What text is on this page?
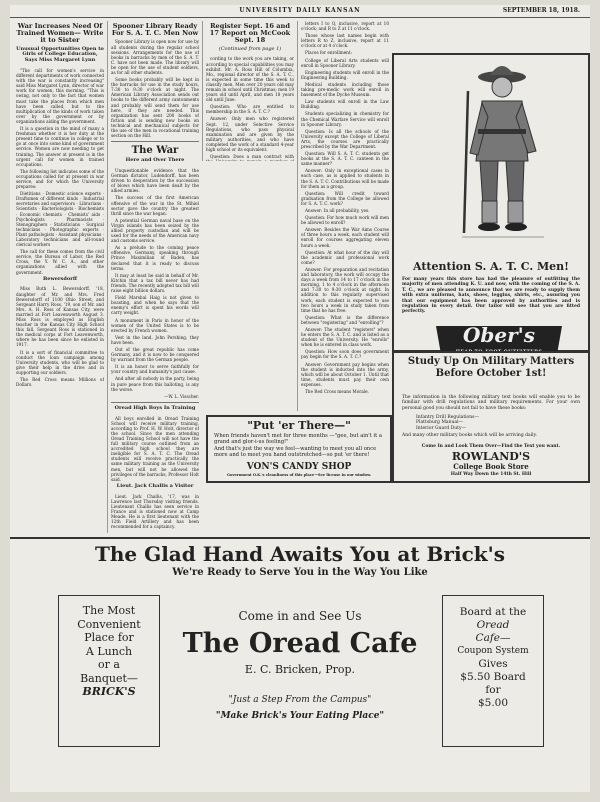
UNIVERSITY DAILY KANSAN	SEPTEMBER 18, 1918.
War Increases Need Of Trained Women— Write it to Sister
Unusual Opportunities Open to Girls of College Education, Says Miss Margaret Lynn

"The call for women's service in different departments of work connected with the war is constantly increasing" said Miss Margaret Lynn, director of war work for women, this morning. "This is owing, not only to the fact that women must take the places from which men have been called, but to the multiplication of the kinds of work taken over by the government or by organizations aiding the government.

It is a question in the mind of many a freshman whether it is her duty at the present time to continue in college or to go at once into some kind of government service. Women are now needing to get training. The answer at present is in the urgent call for women in trained occupations.

The following list indicates some of the occupations called for at present in war service, and for which the University prepares:

Dietitians · Domestic science experts · Draftsmen of different kinds · Industrial secretaries and supervisors · Librarians · Scientists · Bacteriologists · Biochemists · Economic chemists · Chemists' aids · Psychologists · Pharmacists · Stenographers · Statisticians · Surgical technicians · Photographic experts · Plant pathologists · Assistant physicians · Laboratory technicians and all-round clerical workers

The call for these comes from the civil service, the Bureau of Labor, the Red Cross, the Y. W. C. A., and other organizations allied with the government.

Bewersdorff

Miss Ruth L. Bewersdorff, '18, daughter of Mr. and Mrs. Fred Bewersdorff of 1100 Ohio Street, and Sergeant Harry Ross, '19, son of Mr. and Mrs. A. H. Ross of Kansas City, were married at Fort Leavenworth August 3. Miss Ross is employed as English teacher in the Kansas City High School this fall. Sergeant Ross is stationed in the medical corps at Fort Leavenworth, where he has been since he enlisted in 1917.

It is a sort of financial committee to conduct the loan campaign among University students, who will be glad to give their help in the drive and in supporting our soldiers.

The Red Cross means Millions of Dollars.

Spooner Library Ready For S. A. T. C. Men Now

Spooner Library is open now for use by all students during the regular school sessions. Arrangements for the use of books in barracks by men of the S. A. T. C. have not been made. The library will be open for the use of student soldiers, as for all other students.

Some books probably will be kept in the barracks for use in the study hours, 7:30 to 9:30 o'clock at night. The American Library Association sends out books to the different army cantonments and probably will send them for use here, if they are needed. This organization has sent 200 books of fiction and is sending new books on technical and mechanical subjects for the use of the men in vocational training section on the Hill.

The War
Here and Over There

Unquestionable evidence that the German dictator, Ludendorff, has been driven to desperation by the succession of blows which have been dealt by the allied armies.

The success of the first American offensive of the war in the St. Mihiel sector gave the country the greatest thrill since the war began.

A potential German naval base on the Virgin islands has been seized by the allied property custodian and will be used for the needs of the American navy and customs service.

As a prelude to the coming peace offensive, Germany, speaking through Prince Maximilian of Baden, has declared that it is ready to discuss terms.

It may at least be said in behalf of Mr. Kitchin that a tax bill never has had friends. The recently adopted tax bill will raise eight billion dollars.

Field Marshal Haig is not given to boasting, and when he says that the enemy's effort is spent his words will carry weight.

A monument in Paris in honor of the women of the United States is to be erected by French women.

Vest in the land, John Pershing, they have been.

Out of the great republic has come Germany, and it is now to be conquered by warrant from the German people.

It is an honor to serve faithfully for your country and humanity's just cause.

And after all nobody in the party, being in pure peace from this balloting, is any the worse.

—W. L. Visscher.

Oread High Boys In Training

All boys enrolled in Oread Training School will receive military training, according to Prof. H. W. Holt, director of the school. Since the men attending Oread Training School will not have the full military course outlined from an accredited high school they are ineligible for S. A. T. C. The Oread students will receive practically the same military training as the University men, but will not be allowed the privileges of the barracks, Professor Holt said.

Lieut. Jack Challis a Visitor

Lieut. Jack Challis, '17, was in Lawrence last Thursday visiting friends. Lieutenant Challis has seen service in France and is stationed now at Camp Meade. He is a first lieutenant with the 12th Field Artillery and has been recommended for a captaincy.

Register Sept. 16 and 17 Report on McCook Sept. 18
(Continued from page 1)

cording to the work you are taking, or according to special capabilities you may exhibit. Mr. A. Ross Hill of Columbia, Mo., regional director of the S. A. T. C., is expected in some time this week to classify men. Men over 20 years old may remain in school until Christmas; men 19 years old until April, and men 18 years old until June.

Question: Who are entitled to membership in the S. A. T. C.?

Answer: Only men who registered Sept. 12, under Selective Service Regulations, who pass physical examination and are given by the military authorities, and who have completed the work of a standard 4-year high school or its equivalent.

Question: Does a man contract with

letters I to Q, inclusive, report at 10 o'clock; and R to Z at 11 o'clock.

Those whose last names begin with letters R to Z, inclusive, report at 11 o'clock or at 4 o'clock.

Places for enrollment:

College of Liberal Arts students will enroll in Spooner Library.

Engineering students will enroll in the Engineering Building.

Medical students including those taking pre-medic work will enroll in basement of the Dyche Museum.

Law students will enroll in the Law Building.

Students specializing in chemistry for the Chemical Warfare Service will enroll in Spooner Library.

Question: Is all the schools of the University except the College of Liberal Arts, the courses are practically prescribed by the War Department.

Question: Will S. A. T. C. students get books at the S. A. T. C. canteen in the same manner?

Answer: Only in exceptional cases in each case, as is applied to students in the S. A. T. C. Contributions will be made for them as a group.

Question: Will credit toward graduation from the College be allowed for S. A. T. C. work?

Answer: In all probability, yes.

Question: For how much work will men be allowed to enroll?

Answer: Besides the War Aims Course of three hours a week, each student will enroll for courses aggregating eleven hours a week.

Question: At what hour of the day will the academic and professional work come?

Answer: For preparation and recitation and laboratory, the work will occupy the days a week from 14 to 17 o'clock in the morning, 1 to 4 o'clock in the afternoon and 7:30 to 9:30 o'clock at night. In addition to this regularly supervised work, each student is expected to use two hours a week in study taken from time that he has free.

Question: What is the difference between "registering" and "enrolling"?

Answer: The student "registers" when he enters the S. A. T. C. and is listed as a student of the University. He "enrolls" when he is entered in class work.

Question: How soon does government pay begin for the S. A. T. C.?

Answer: Government pay begins when the student is inducted into the army, which will be about October 1. Until that time, students must pay their own expenses.

The Red Cross means Morale.

Attention S. A. T. C. Men!
For many years this store has had the pleasure of outfitting the majority of men attending K. U. and now, with the coming of the S. A. T. C., we are pleased to announce that we are ready to supply them with extra uniforms, hats, shoes, leggins, shirts, etc., assuring you that our equipment has been approved by authorities and is regulation in every detail. Our tailor will see that you are fitted perfectly.
Ober's
Study Up On Military Matters Before October 1st!
The information in the following military text books will enable you to be familiar with drill regulations and military requirements. For your own personal good you should not fail to have these books:
Infantry Drill Regulations—
Plattsburg Manual—
Interior Guard Duty—
And many other military books which will be arriving daily.
Come In and Look Them Over—Find the Text you want.
ROWLAND'S
College Book Store
Half Way Down the 14th St. Hill
"Put 'er There—"
When friends haven't met for three months —"gee, but ain't it a grand and glor-i-us feeling!"
And that's just the way we feel—wanting to meet you all once more and to meet you hand outstretched—so put 'er there!
VON'S CANDY SHOP
Government O.K.'s cleanliness of this place—See license in our window.
The Glad Hand Awaits You at Brick's
We're Ready to Serve You in the Way You Like
The Most
Convenient
Place for
A Lunch
or a
Banquet—
BRICK'S
Come in and See Us
The Oread Cafe
E. C. Bricken, Prop.
"Just a Step From the Campus"
"Make Brick's Your Eating Place"
Board at the
Oread
Cafe—
Coupon System
Gives
$5.50 Board
for
$5.00
